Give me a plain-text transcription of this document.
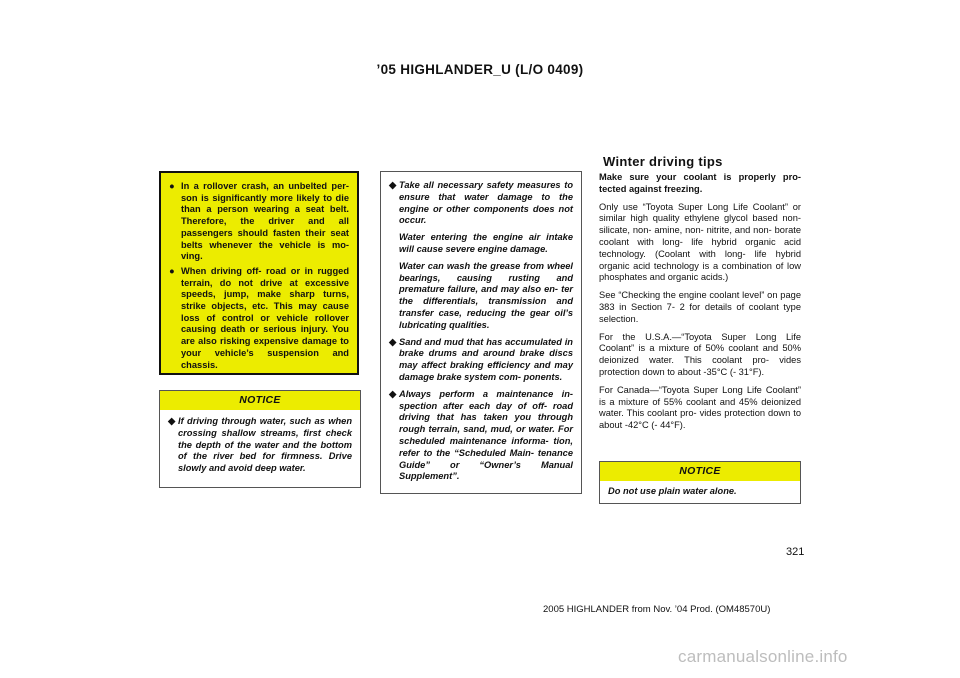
’05 HIGHLANDER_U (L/O 0409)
Winter driving tips
● In a rollover crash, an unbelted per- son is significantly more likely to die than a person wearing a seat belt. Therefore, the driver and all passengers should fasten their seat belts whenever the vehicle is mo- ving.
● When driving off- road or in rugged terrain, do not drive at excessive speeds, jump, make sharp turns, strike objects, etc. This may cause loss of control or vehicle rollover causing death or serious injury. You are also risking expensive damage to your vehicle’s suspension and chassis.
NOTICE
◆ If driving through water, such as when crossing shallow streams, first check the depth of the water and the bottom of the river bed for firmness. Drive slowly and avoid deep water.
◆ Take all necessary safety measures to ensure that water damage to the engine or other components does not occur.

Water entering the engine air intake will cause severe engine damage.

Water can wash the grease from wheel bearings, causing rusting and premature failure, and may also en- ter the differentials, transmission and transfer case, reducing the gear oil’s lubricating qualities.

◆ Sand and mud that has accumulated in brake drums and around brake discs may affect braking efficiency and may damage brake system com- ponents.
◆ Always perform a maintenance in- spection after each day of off- road driving that has taken you through rough terrain, sand, mud, or water. For scheduled maintenance informa- tion, refer to the “Scheduled Main- tenance Guide” or “Owner’s Manual Supplement”.

Make sure your coolant is properly pro- tected against freezing.

Only use “Toyota Super Long Life Coolant” or similar high quality ethylene glycol based non- silicate, non- amine, non- nitrite, and non- borate coolant with long- life hybrid organic acid technology. (Coolant with long- life hybrid organic acid technology is a combination of low phosphates and organic acids.)

See “Checking the engine coolant level” on page 383 in Section 7- 2 for details of coolant type selection.

For the U.S.A.—“Toyota Super Long Life Coolant” is a mixture of 50% coolant and 50% deionized water. This coolant pro- vides protection down to about -35°C (- 31°F).

For Canada—“Toyota Super Long Life Coolant” is a mixture of 55% coolant and 45% deionized water. This coolant pro- vides protection down to about -42°C (- 44°F).

NOTICE

Do not use plain water alone.

321
2005 HIGHLANDER from Nov. ’04 Prod. (OM48570U)
carmanualsonline.info
